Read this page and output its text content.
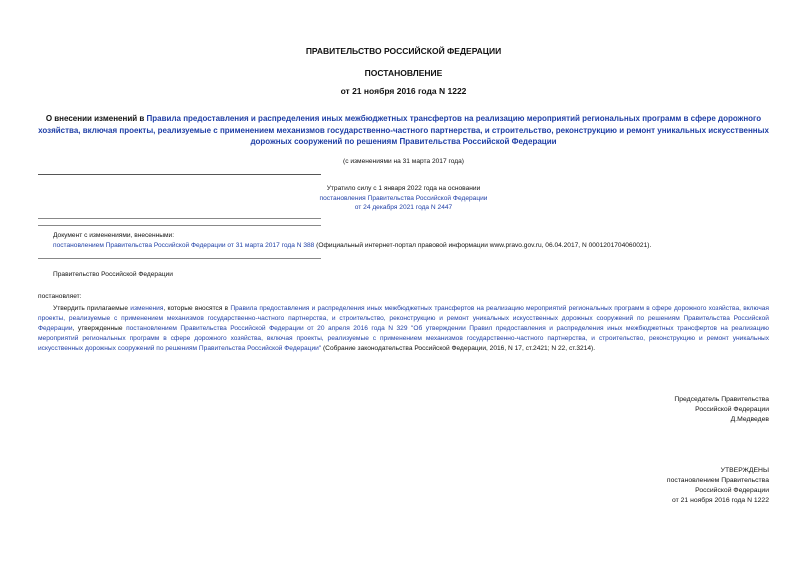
ПРАВИТЕЛЬСТВО РОССИЙСКОЙ ФЕДЕРАЦИИ
ПОСТАНОВЛЕНИЕ
от 21 ноября 2016 года N 1222
О внесении изменений в Правила предоставления и распределения иных межбюджетных трансфертов на реализацию мероприятий региональных программ в сфере дорожного хозяйства, включая проекты, реализуемые с применением механизмов государственно-частного партнерства, и строительство, реконструкцию и ремонт уникальных искусственных дорожных сооружений по решениям Правительства Российской Федерации
(с изменениями на 31 марта 2017 года)
Утратило силу с 1 января 2022 года на основании
постановления Правительства Российской Федерации
от 24 декабря 2021 года N 2447
Документ с изменениями, внесенными:
постановлением Правительства Российской Федерации от 31 марта 2017 года N 388 (Официальный интернет-портал правовой информации www.pravo.gov.ru, 06.04.2017, N 0001201704060021).
Правительство Российской Федерации
постановляет:
Утвердить прилагаемые изменения, которые вносятся в Правила предоставления и распределения иных межбюджетных трансфертов на реализацию мероприятий региональных программ в сфере дорожного хозяйства, включая проекты, реализуемые с применением механизмов государственно-частного партнерства, и строительство, реконструкцию и ремонт уникальных искусственных дорожных сооружений по решениям Правительства Российской Федерации, утвержденные постановлением Правительства Российской Федерации от 20 апреля 2016 года N 329 "Об утверждении Правил предоставления и распределения иных межбюджетных трансфертов на реализацию мероприятий региональных программ в сфере дорожного хозяйства, включая проекты, реализуемые с применением механизмов государственно-частного партнерства, и строительство, реконструкцию и ремонт уникальных искусственных дорожных сооружений по решениям Правительства Российской Федерации" (Собрание законодательства Российской Федерации, 2016, N 17, ст.2421; N 22, ст.3214).
Председатель Правительства
Российской Федерации
Д.Медведев
УТВЕРЖДЕНЫ
постановлением Правительства
Российской Федерации
от 21 ноября 2016 года N 1222
